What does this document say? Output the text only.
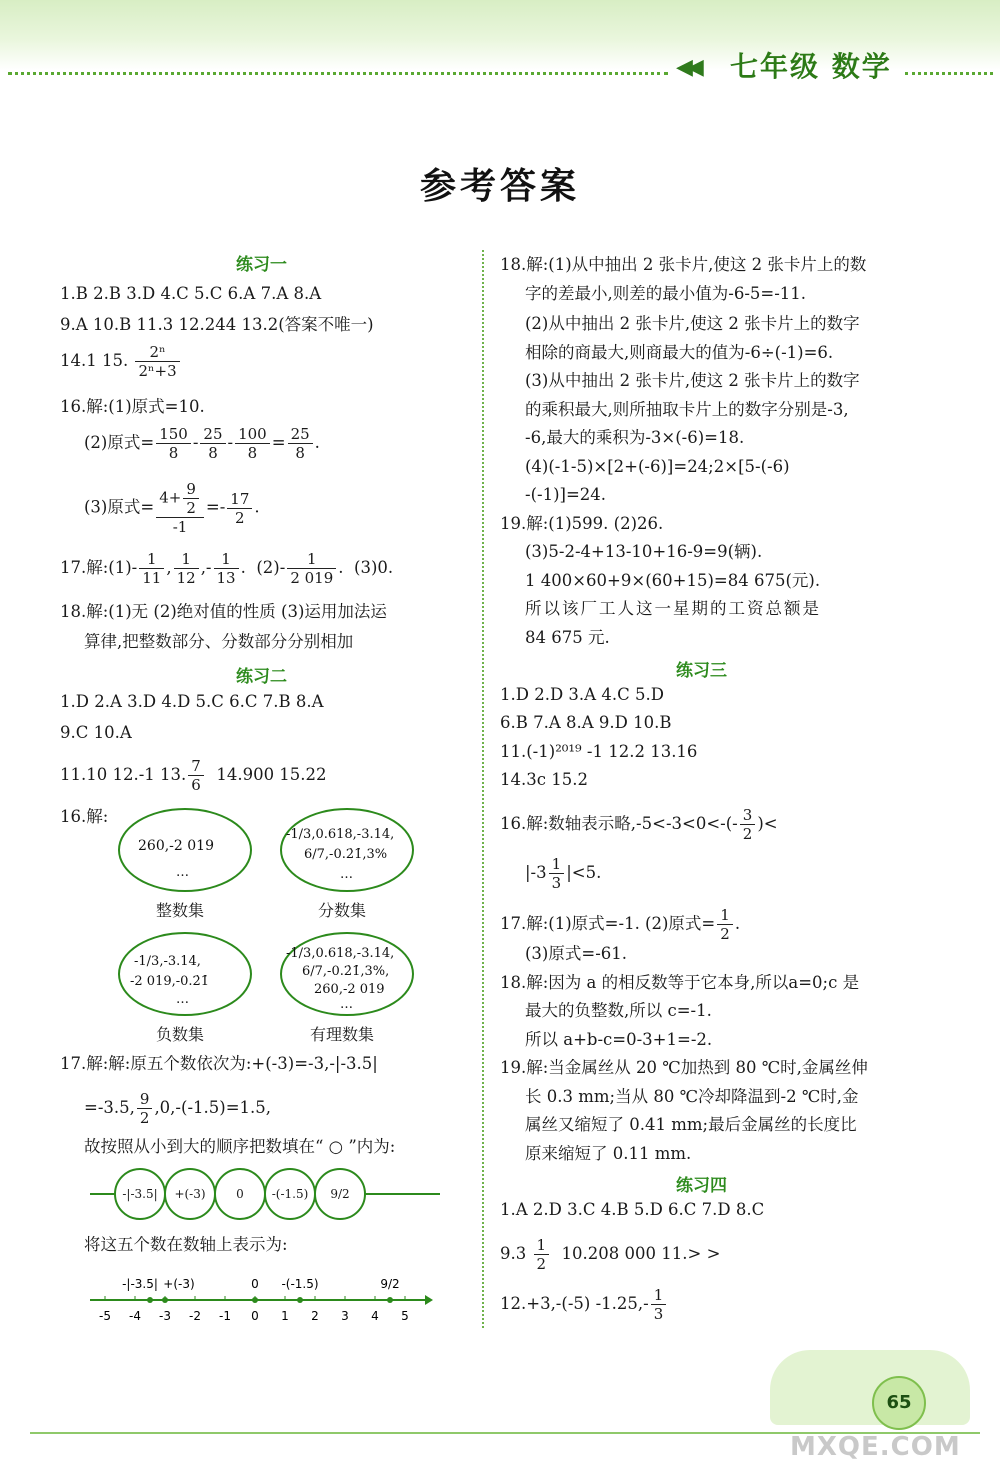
◀◀ 七年级 数学
参考答案
练习一
1.B 2.B 3.D 4.C 5.C 6.A 7.A 8.A
9.A 10.B 11.3 12.244 13.2(答案不唯一)
14.1 15. $\frac{\text{2ⁿ}}{\text{2ⁿ+3}}$
16.解:(1)原式=10.
(2)原式= $\frac{150}{8} - \frac{25}{8} - \frac{100}{8} = \frac{25}{8}$ .
(3)原式= $\frac{4+ \frac{9}{2}}{-1} =- \frac{17}{2}$ .
17.解:(1)- $\frac{1}{11}$ , $\frac{1}{12}$ ,- $\frac{1}{13}$ .  $(2)- \frac{1}{2 019}$ .  (3)0.
18.解:(1)无 (2)绝对值的性质 (3)运用加法运
算律,把整数部分、分数部分分别相加
练习二
1.D 2.A 3.D 4.D 5.C 6.C 7.B 8.A
9.C 10.A
11.10 12.-1 13. $\frac{7}{6} 14.900$ 15.22
16.解:
260,-2 019
…
整数集
-1/3,0.618,-3.14,
6/7,-0.2̇1̇,3%
…
分数集
-1/3,-3.14,
-2 019,-0.2̇1̇
…
负数集
-1/3,0.618,-3.14,
6/7,-0.2̇1̇,3%,
260,-2 019
…
有理数集
17.解:解:原五个数依次为:+(-3)=-3,-|-3.5|
=-3.5, $\frac{9}{2} ,0,-(-1.5)=1.5$,
故按照从小到大的顺序把数填在“ ○ ”内为:
-|-3.5|	+(-3)	0	-(-1.5)	9/2
将这五个数在数轴上表示为:
-5 -4 -3 -2 -1 0 1 2 3 4 5
-|-3.5| +(-3)	0 -(-1.5)	9/2
18.解:(1)从中抽出 2 张卡片,使这 2 张卡片上的数
字的差最小,则差的最小值为-6-5=-11.
(2)从中抽出 2 张卡片,使这 2 张卡片上的数字
相除的商最大,则商最大的值为-6÷(-1)=6.
(3)从中抽出 2 张卡片,使这 2 张卡片上的数字
的乘积最大,则所抽取卡片上的数字分别是-3,
-6,最大的乘积为-3×(-6)=18.
(4)(-1-5)×[2+(-6)]=24;2×[5-(-6)
-(-1)]=24.
19.解:(1)599. (2)26.
(3)5-2-4+13-10+16-9=9(辆).
1 400×60+9×(60+15)=84 675(元).
所以该厂工人这一星期的工资总额是
84 675 元.
练习三
1.D 2.D 3.A 4.C 5.D
6.B 7.A 8.A 9.D 10.B
11.(-1)²⁰¹⁹ -1 12.2 13.16
14.3c 15.2
16.解:数轴表示略$,-5<-3<0<-(- \frac{3}{2}$ )<
$|-3 \frac{1}{3} |<5$.
17.解:(1)原式=-1. (2)原式= $\frac{1}{2}$ .
(3)原式=-61.
18.解:因为 a 的相反数等于它本身,所以a=0;c 是
最大的负整数,所以 c=-1.
所以 a+b-c=0-3+1=-2.
19.解:当金属丝从 20 ℃加热到 80 ℃时,金属丝伸
长 0.3 mm;当从 80 ℃冷却降温到-2 ℃时,金
属丝又缩短了 0.41 mm;最后金属丝的长度比
原来缩短了 0.11 mm.
练习四
1.A 2.D 3.C 4.B 5.D 6.C 7.D 8.C
$9.3 \frac{1}{2} 10.208$ 000 11.> >
12.+3,-(-5) $-1.25,- \frac{1}{3}$
65
MXQE.COM
